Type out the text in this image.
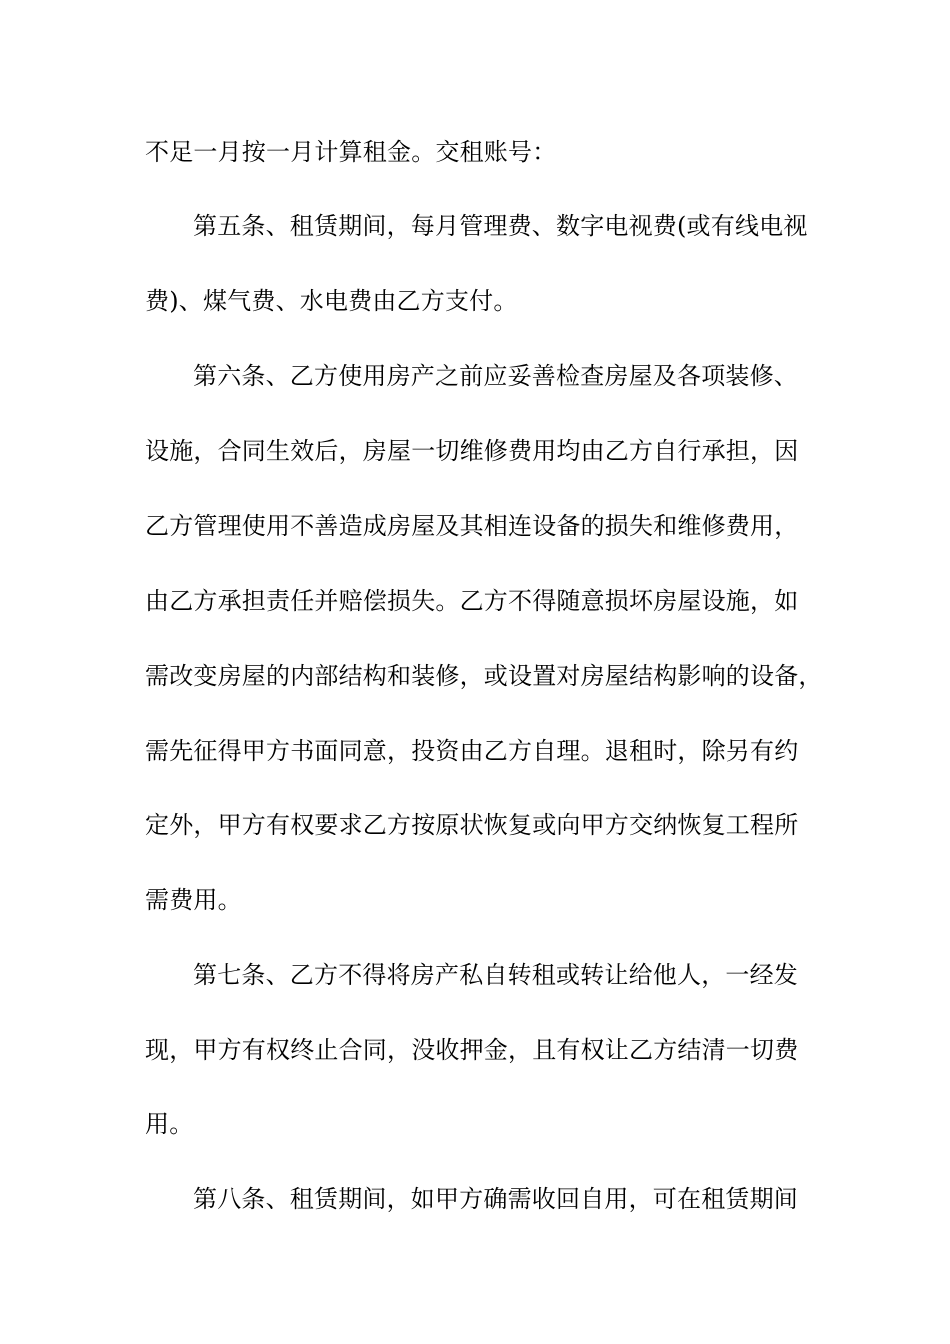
不足一月按一月计算租金。交租账号：
第五条、租赁期间，每月管理费、数字电视费(或有线电视
费)、煤气费、水电费由乙方支付。
第六条、乙方使用房产之前应妥善检查房屋及各项装修、
设施，合同生效后，房屋一切维修费用均由乙方自行承担，因
乙方管理使用不善造成房屋及其相连设备的损失和维修费用，
由乙方承担责任并赔偿损失。乙方不得随意损坏房屋设施，如
需改变房屋的内部结构和装修，或设置对房屋结构影响的设备，
需先征得甲方书面同意，投资由乙方自理。退租时，除另有约
定外，甲方有权要求乙方按原状恢复或向甲方交纳恢复工程所
需费用。
第七条、乙方不得将房产私自转租或转让给他人，一经发
现，甲方有权终止合同，没收押金，且有权让乙方结清一切费
用。
第八条、租赁期间，如甲方确需收回自用，可在租赁期间
